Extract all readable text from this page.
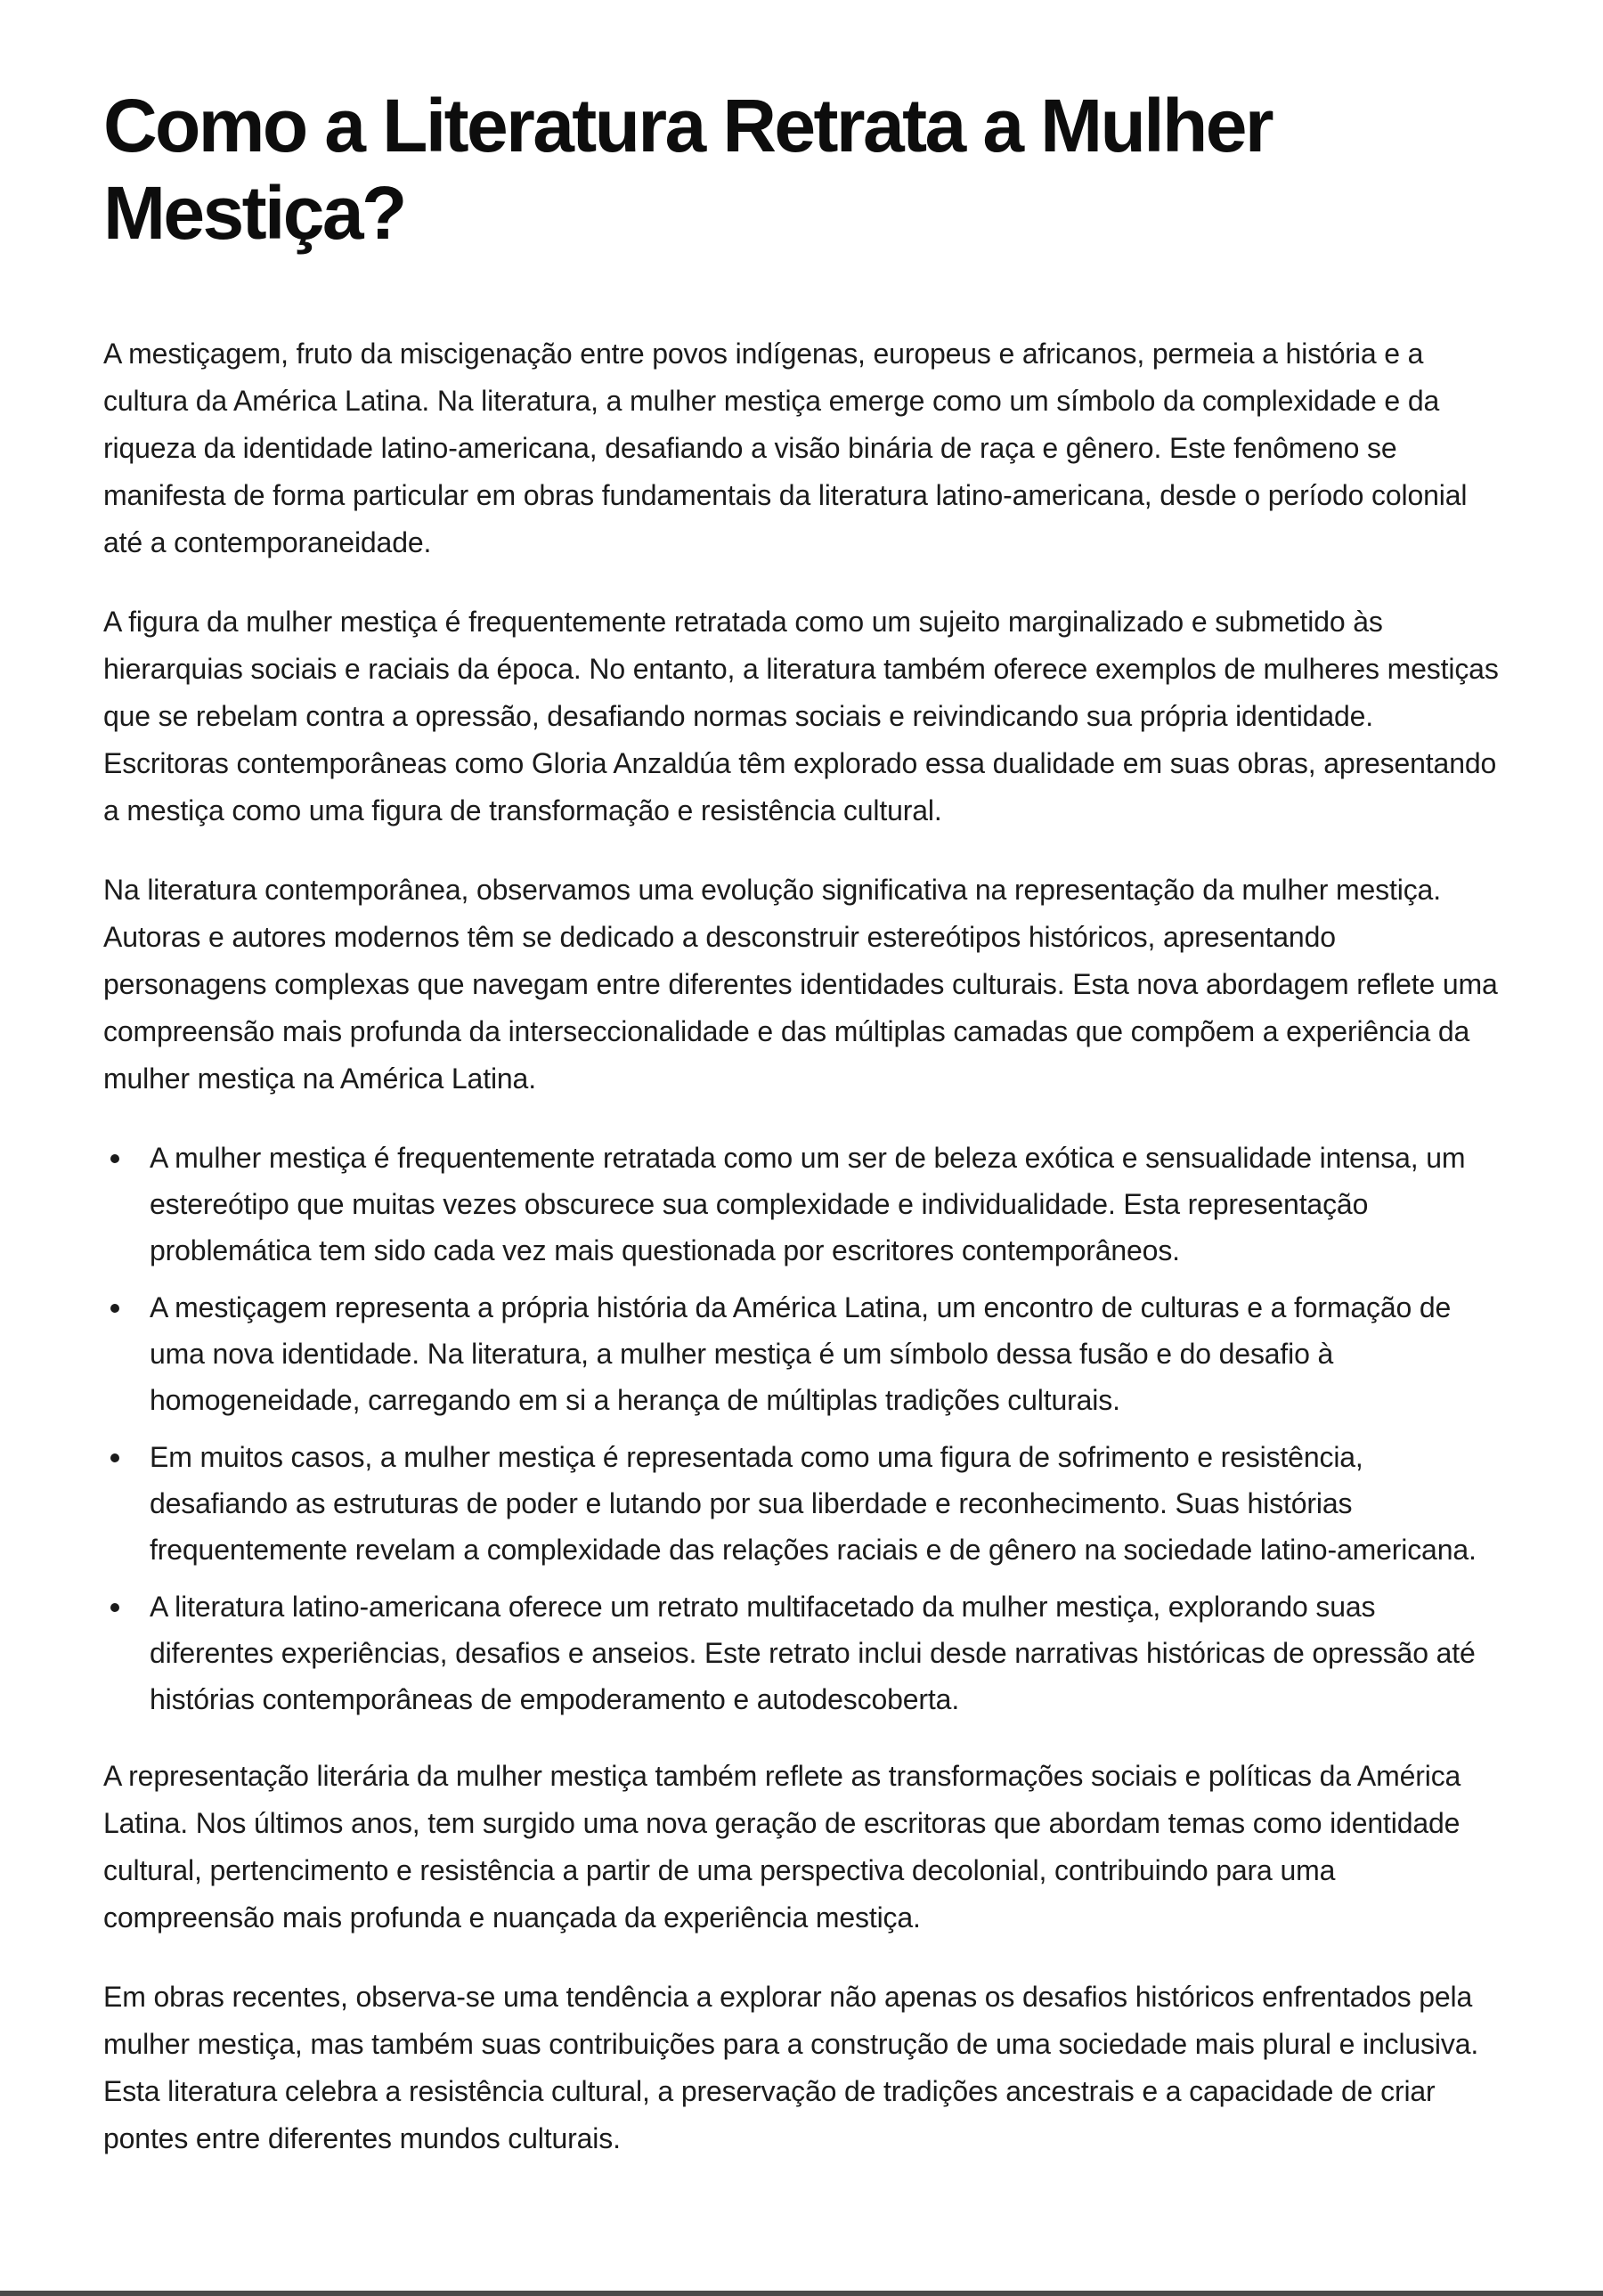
Como a Literatura Retrata a Mulher Mestiça?

A mestiçagem, fruto da miscigenação entre povos indígenas, europeus e africanos, permeia a história e a cultura da América Latina. Na literatura, a mulher mestiça emerge como um símbolo da complexidade e da riqueza da identidade latino-americana, desafiando a visão binária de raça e gênero. Este fenômeno se manifesta de forma particular em obras fundamentais da literatura latino-americana, desde o período colonial até a contemporaneidade.

A figura da mulher mestiça é frequentemente retratada como um sujeito marginalizado e submetido às hierarquias sociais e raciais da época. No entanto, a literatura também oferece exemplos de mulheres mestiças que se rebelam contra a opressão, desafiando normas sociais e reivindicando sua própria identidade. Escritoras contemporâneas como Gloria Anzaldúa têm explorado essa dualidade em suas obras, apresentando a mestiça como uma figura de transformação e resistência cultural.

Na literatura contemporânea, observamos uma evolução significativa na representação da mulher mestiça. Autoras e autores modernos têm se dedicado a desconstruir estereótipos históricos, apresentando personagens complexas que navegam entre diferentes identidades culturais. Esta nova abordagem reflete uma compreensão mais profunda da interseccionalidade e das múltiplas camadas que compõem a experiência da mulher mestiça na América Latina.

A mulher mestiça é frequentemente retratada como um ser de beleza exótica e sensualidade intensa, um estereótipo que muitas vezes obscurece sua complexidade e individualidade. Esta representação problemática tem sido cada vez mais questionada por escritores contemporâneos.
A mestiçagem representa a própria história da América Latina, um encontro de culturas e a formação de uma nova identidade. Na literatura, a mulher mestiça é um símbolo dessa fusão e do desafio à homogeneidade, carregando em si a herança de múltiplas tradições culturais.
Em muitos casos, a mulher mestiça é representada como uma figura de sofrimento e resistência, desafiando as estruturas de poder e lutando por sua liberdade e reconhecimento. Suas histórias frequentemente revelam a complexidade das relações raciais e de gênero na sociedade latino-americana.
A literatura latino-americana oferece um retrato multifacetado da mulher mestiça, explorando suas diferentes experiências, desafios e anseios. Este retrato inclui desde narrativas históricas de opressão até histórias contemporâneas de empoderamento e autodescoberta.

A representação literária da mulher mestiça também reflete as transformações sociais e políticas da América Latina. Nos últimos anos, tem surgido uma nova geração de escritoras que abordam temas como identidade cultural, pertencimento e resistência a partir de uma perspectiva decolonial, contribuindo para uma compreensão mais profunda e nuançada da experiência mestiça.

Em obras recentes, observa-se uma tendência a explorar não apenas os desafios históricos enfrentados pela mulher mestiça, mas também suas contribuições para a construção de uma sociedade mais plural e inclusiva. Esta literatura celebra a resistência cultural, a preservação de tradições ancestrais e a capacidade de criar pontes entre diferentes mundos culturais.
